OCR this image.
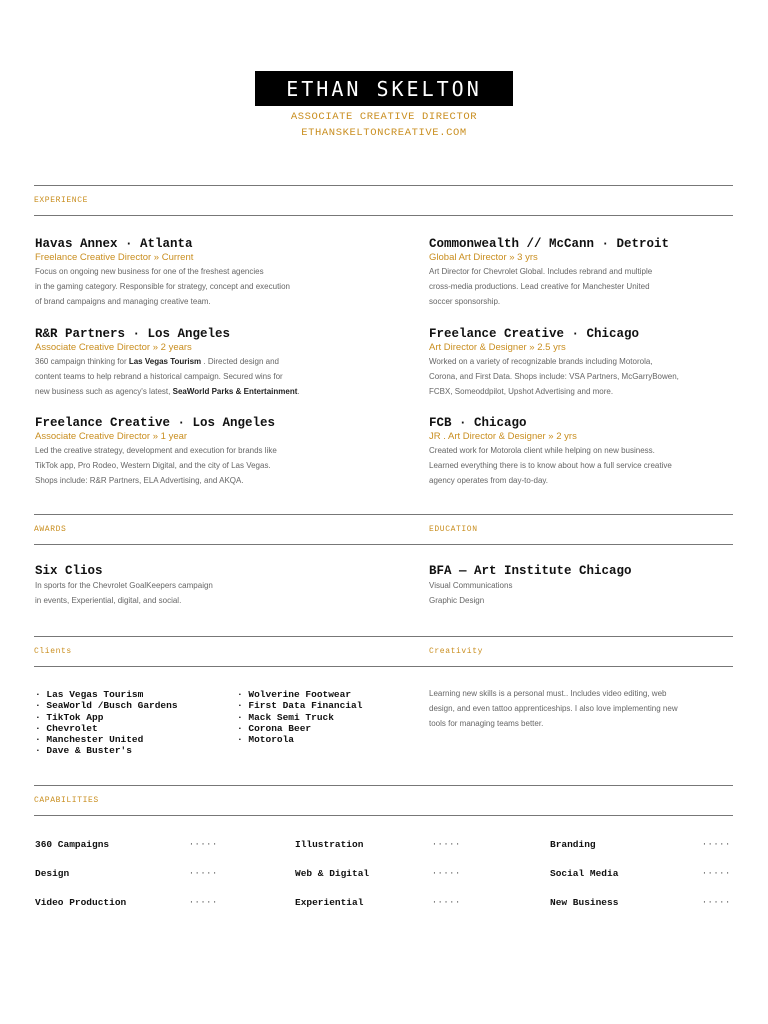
ETHAN SKELTON
ASSOCIATE CREATIVE DIRECTOR
ETHANSKELTONCREATIVE.COM
EXPERIENCE
Havas Annex · Atlanta
Freelance Creative Director » Current
Focus on ongoing new business for one of the freshest agencies
in the gaming category. Responsible for strategy, concept and execution
of brand campaigns and managing creative team.
Commonwealth // McCann · Detroit
Global Art Director » 3 yrs
Art Director for Chevrolet Global. Includes rebrand and multiple
cross-media productions. Lead creative for Manchester United
soccer sponsorship.
R&R Partners · Los Angeles
Associate Creative Director » 2 years
360 campaign thinking for Las Vegas Tourism . Directed design and
content teams to help rebrand a historical campaign. Secured wins for
new business such as agency's latest, SeaWorld Parks & Entertainment.
Freelance Creative · Chicago
Art Director & Designer » 2.5 yrs
Worked on a variety of recognizable brands including Motorola,
Corona, and First Data. Shops include: VSA Partners, McGarryBowen,
FCBX, Someoddpilot, Upshot Advertising and more.
Freelance Creative · Los Angeles
Associate Creative Director » 1 year
Led the creative strategy, development and execution for brands like
TikTok app, Pro Rodeo, Western Digital, and the city of Las Vegas.
Shops include: R&R Partners, ELA Advertising, and AKQA.
FCB · Chicago
JR . Art Director & Designer » 2 yrs
Created work for Motorola client while helping on new business.
Learned everything there is to know about how a full service creative
agency operates from day-to-day.
AWARDS	EDUCATION
Six Clios
In sports for the Chevrolet GoalKeepers campaign
in events, Experiential, digital, and social.
BFA — Art Institute Chicago
Visual Communications
Graphic Design
Clients	Creativity
· Las Vegas Tourism
· SeaWorld /Busch Gardens
· TikTok App
· Chevrolet
· Manchester United
· Dave & Buster's
· Wolverine Footwear
· First Data Financial
· Mack Semi Truck
· Corona Beer
· Motorola
Learning new skills is a personal must.. Includes video editing, web
design, and even tattoo apprenticeships. I also love implementing new
tools for managing teams better.
CAPABILITIES
360 Campaigns	·····	Illustration	·····	Branding	·····
Design	·····	Web & Digital	·····	Social Media	·····
Video Production	·····	Experiential	·····	New Business	·····
